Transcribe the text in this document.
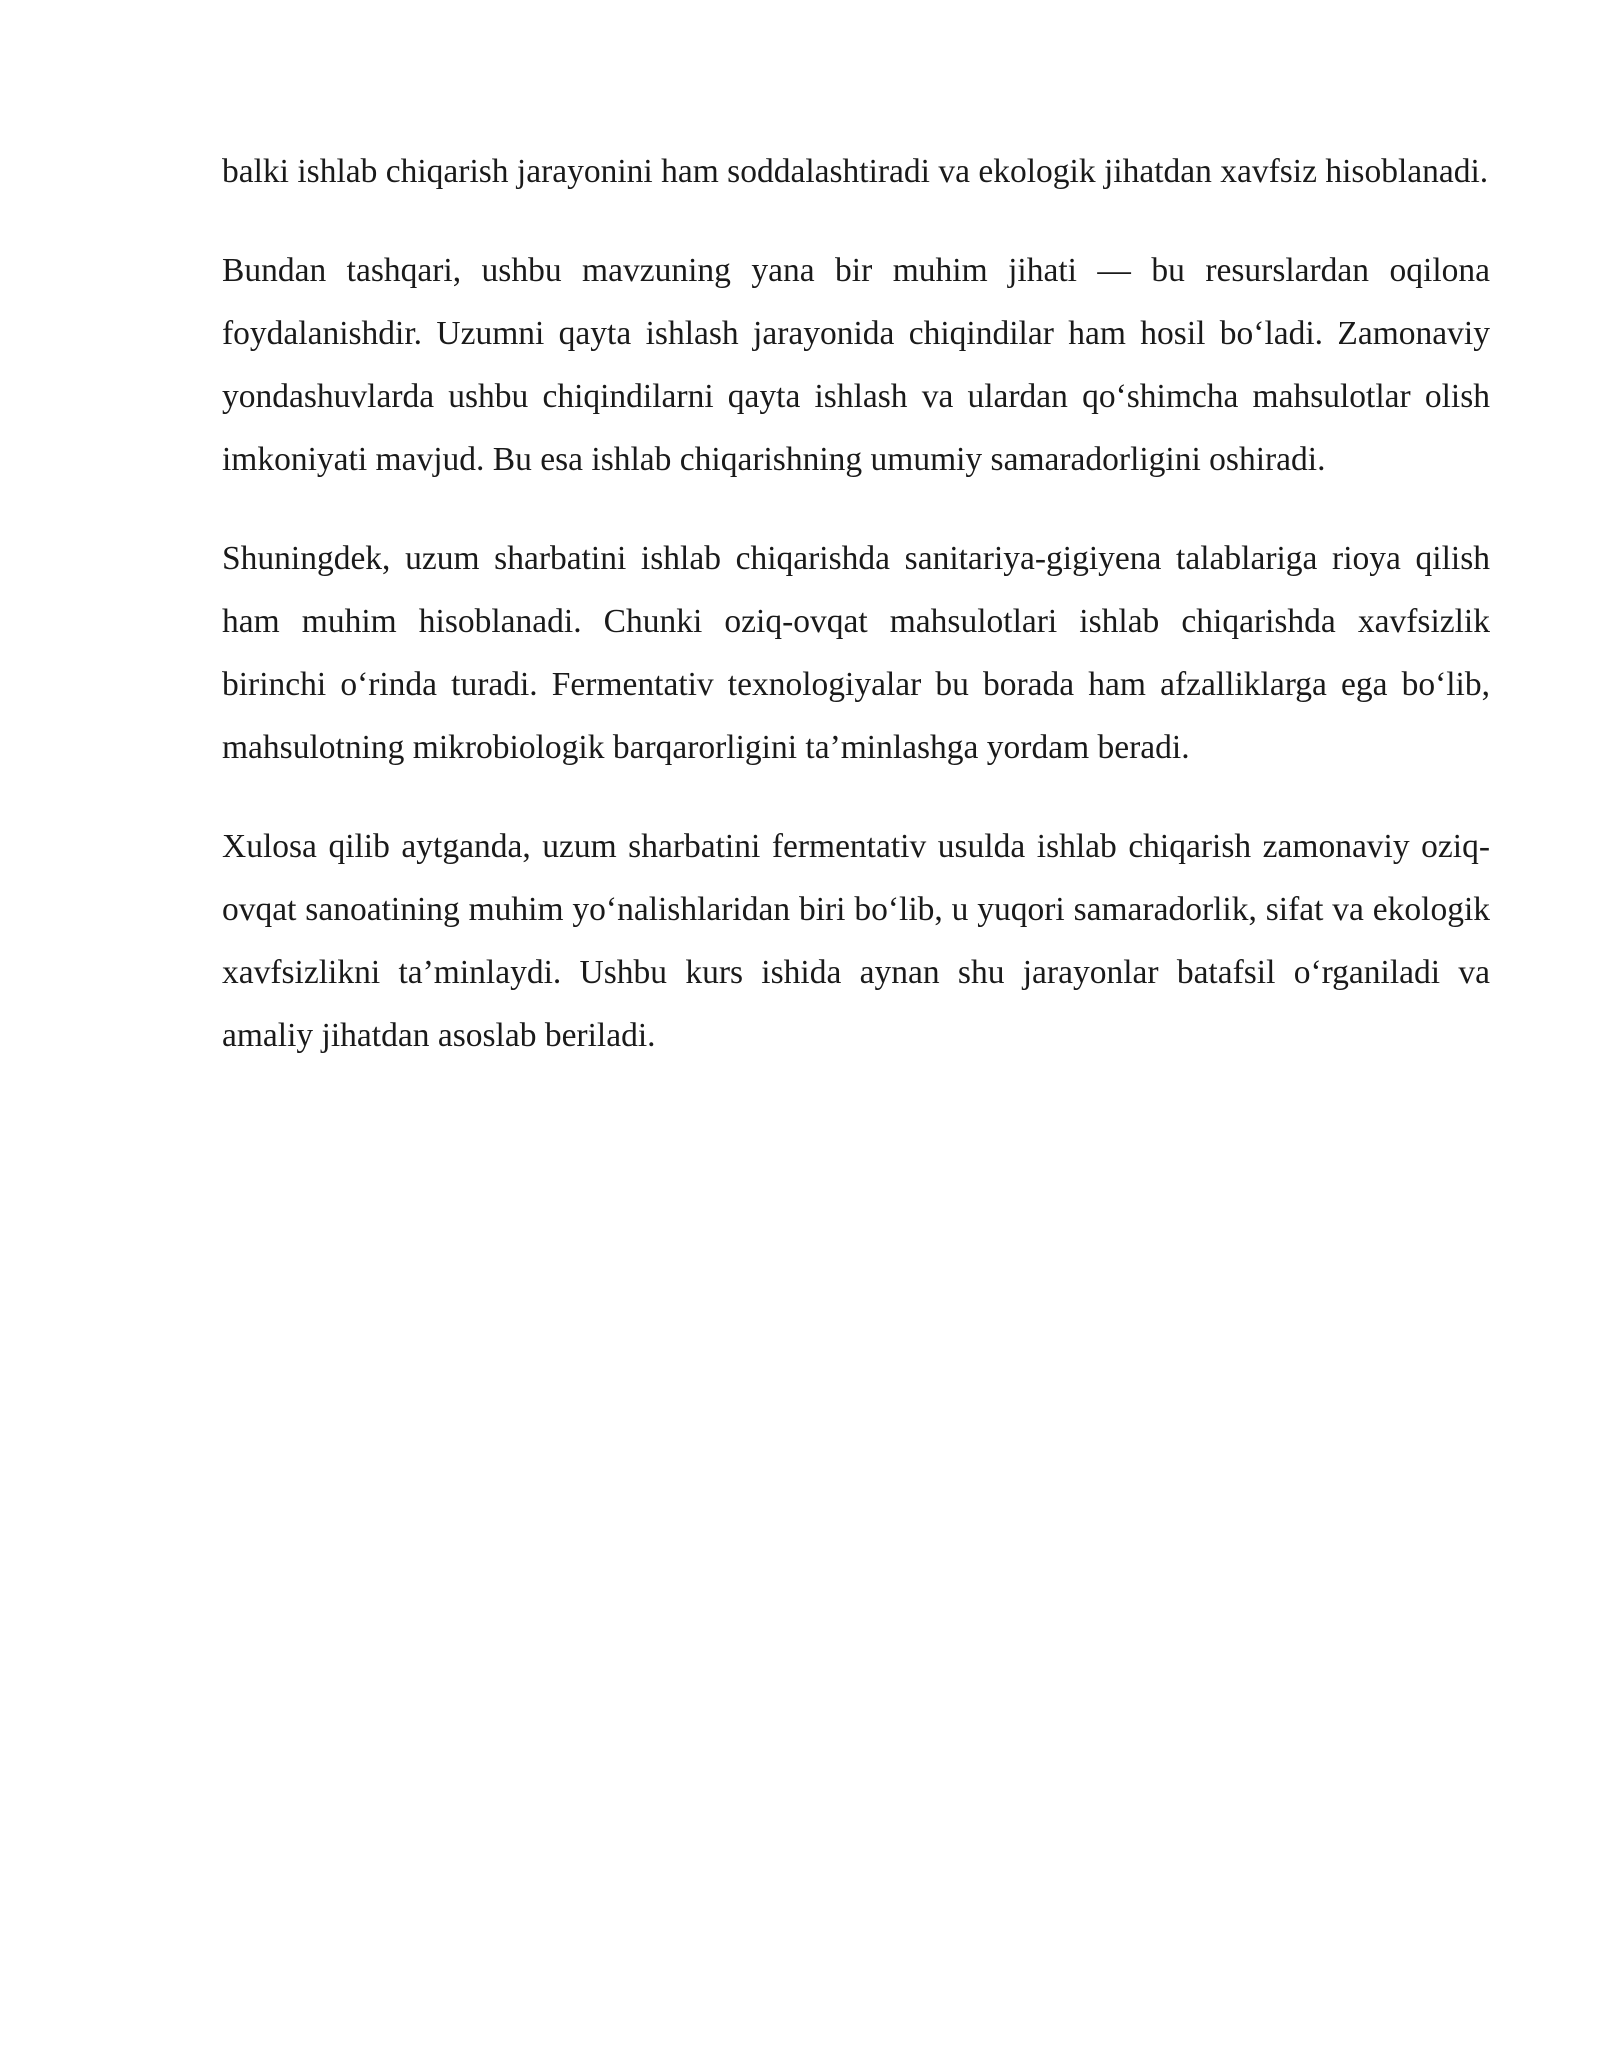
balki ishlab chiqarish jarayonini ham soddalashtiradi va ekologik jihatdan xavfsiz hisoblanadi.

Bundan tashqari, ushbu mavzuning yana bir muhim jihati — bu resurslardan oqilona foydalanishdir. Uzumni qayta ishlash jarayonida chiqindilar ham hosil boʻladi. Zamonaviy yondashuvlarda ushbu chiqindilarni qayta ishlash va ulardan qoʻshimcha mahsulotlar olish imkoniyati mavjud. Bu esa ishlab chiqarishning umumiy samaradorligini oshiradi.

Shuningdek, uzum sharbatini ishlab chiqarishda sanitariya-gigiyena talablariga rioya qilish ham muhim hisoblanadi. Chunki oziq-ovqat mahsulotlari ishlab chiqarishda xavfsizlik birinchi oʻrinda turadi. Fermentativ texnologiyalar bu borada ham afzalliklarga ega boʻlib, mahsulotning mikrobiologik barqarorligini ta’minlashga yordam beradi.

Xulosa qilib aytganda, uzum sharbatini fermentativ usulda ishlab chiqarish zamonaviy oziq-ovqat sanoatining muhim yoʻnalishlaridan biri boʻlib, u yuqori samaradorlik, sifat va ekologik xavfsizlikni ta’minlaydi. Ushbu kurs ishida aynan shu jarayonlar batafsil oʻrganiladi va amaliy jihatdan asoslab beriladi.
